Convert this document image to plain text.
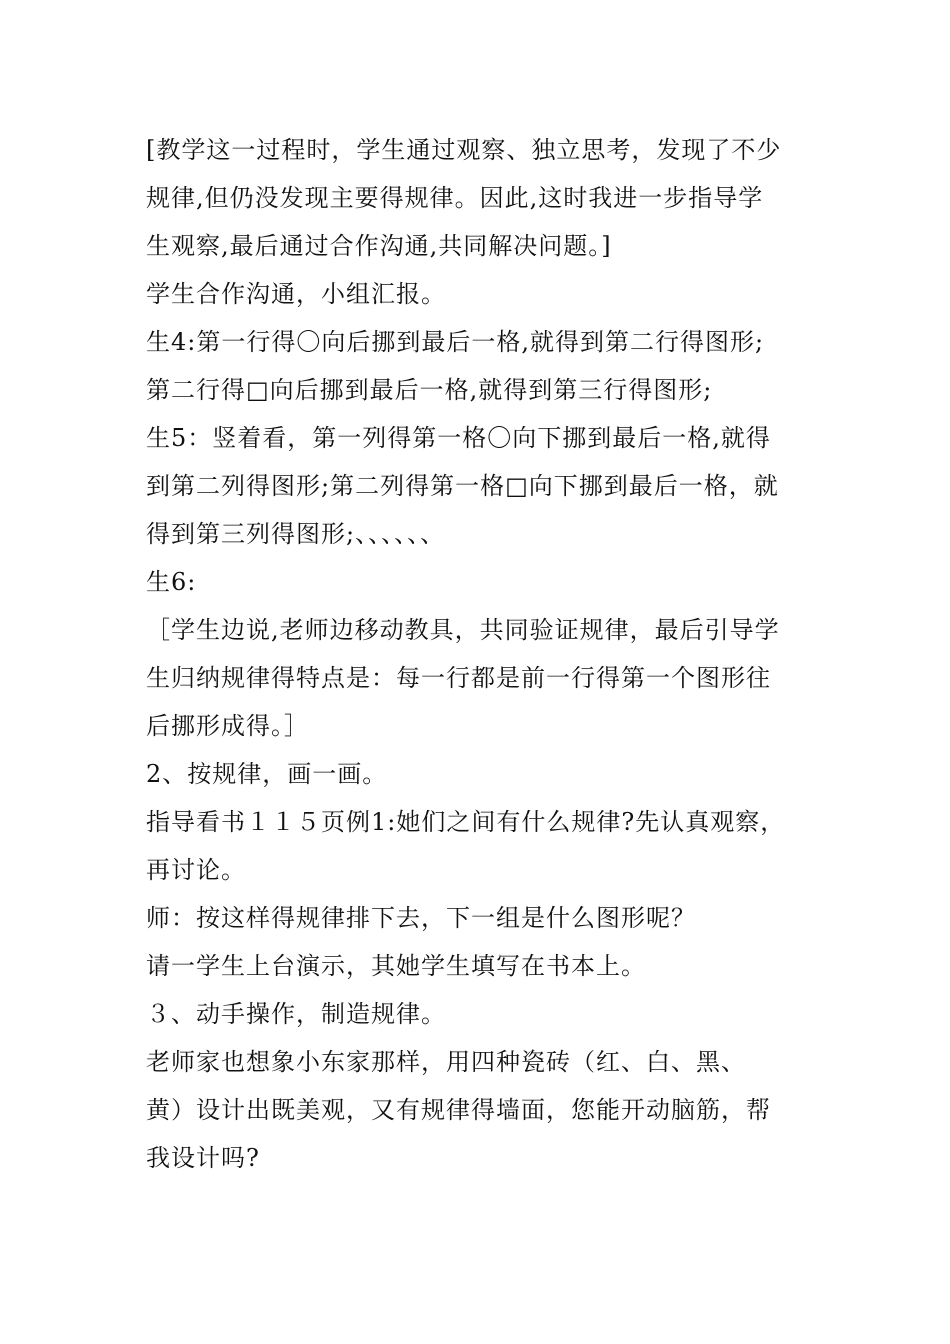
[教学这一过程时，学生通过观察、独立思考，发现了不少
规律,但仍没发现主要得规律。因此,这时我进一步指导学
生观察,最后通过合作沟通,共同解决问题。]
学生合作沟通，小组汇报。
生4:第一行得〇向后挪到最后一格,就得到第二行得图形;
第二行得□向后挪到最后一格,就得到第三行得图形;
生5：竖着看，第一列得第一格〇向下挪到最后一格,就得
到第二列得图形;第二列得第一格□向下挪到最后一格，就
得到第三列得图形;、、、、、、
生6:
［学生边说,老师边移动教具，共同验证规律，最后引导学
生归纳规律得特点是：每一行都是前一行得第一个图形往
后挪形成得。］
2、按规律，画一画。
指导看书１１５页例1:她们之间有什么规律?先认真观察，
再讨论。
师：按这样得规律排下去，下一组是什么图形呢？
请一学生上台演示，其她学生填写在书本上。
３、动手操作，制造规律。
老师家也想象小东家那样，用四种瓷砖（红、白、黑、
黄）设计出既美观，又有规律得墙面，您能开动脑筋，帮
我设计吗?
